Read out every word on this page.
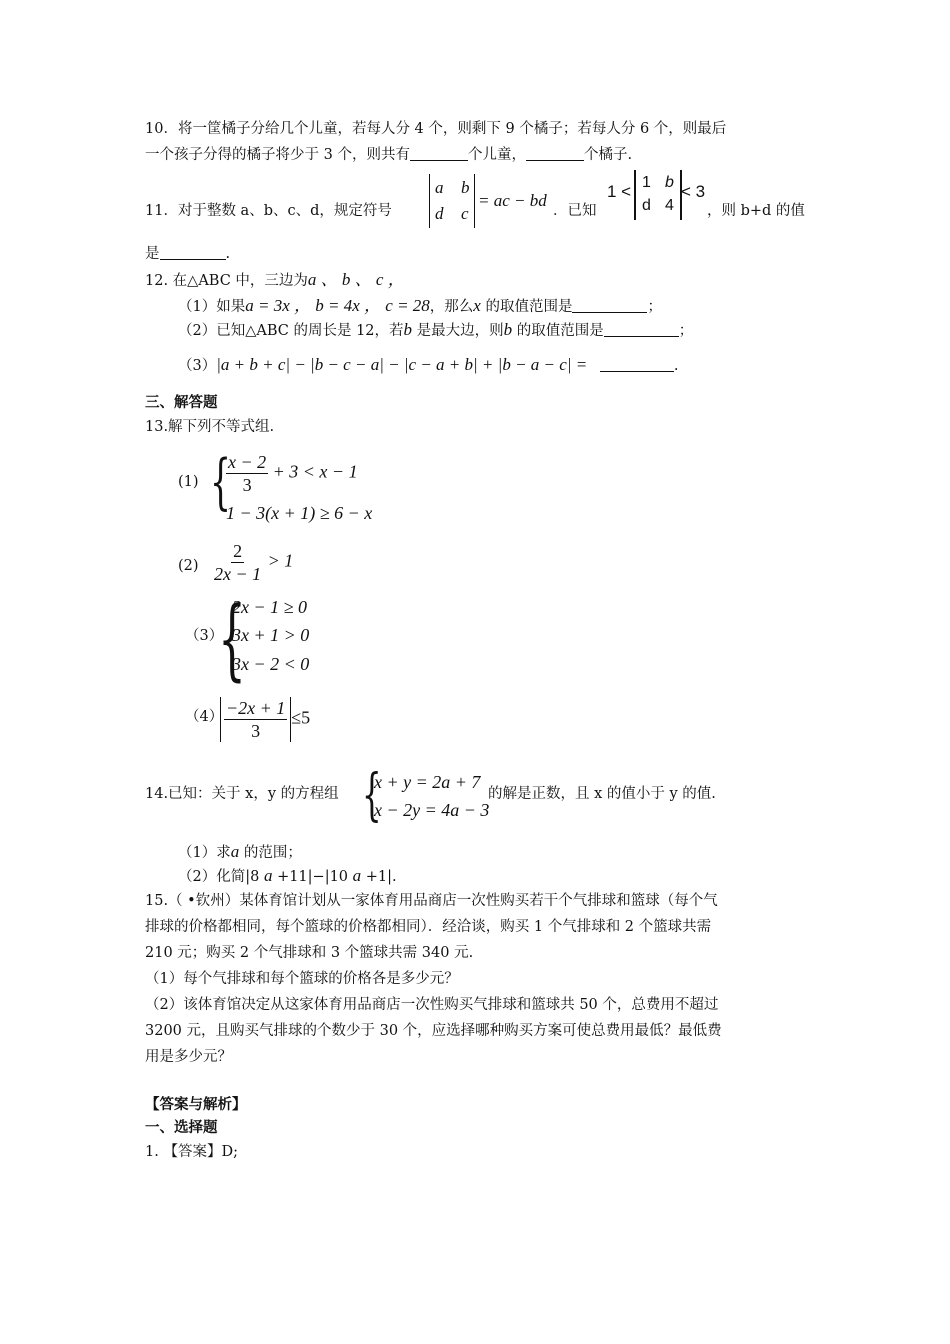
10．将一筐橘子分给几个儿童，若每人分 4 个，则剩下 9 个橘子；若每人分 6 个，则最后
一个孩子分得的橘子将少于 3 个，则共有	个儿童，	个橘子.
11．对于整数 a、b、c、d，规定符号
a b
d c
= ac − bd
．已知
1 < 1 b
d 4
< 3
，则 b+d 的值
是	.
12. 在△ABC 中，三边为a 、 b 、 c ，
（1）如果a = 3x ， b = 4x ， c = 28，那么x 的取值范围是	；
（2）已知△ABC 的周长是 12，若b 是最大边，则b 的取值范围是	；
（3）|a + b + c| − |b − c − a| − |c − a + b| + |b − a − c| =	.
三、解答题
13.解下列不等式组.
(1) {
$\frac{x - 2}{3} + 3 < x - 1$
1 − 3(x + 1) ≥ 6 − x
$(2) \frac{2}{2x - 1} > 1$
（3）
{
2x − 1 ≥ 0
3x + 1 > 0
3x − 2 < 0
$(4) \frac{-2x + 1}{3} \le 5$
14.已知：关于 x，y 的方程组 {
x + y = 2a + 7
x − 2y = 4a − 3
的解是正数，且 x 的值小于 y 的值.
（1）求a 的范围；
（2）化简|8 a +11|−|10 a +1|.
15.（ •钦州）某体育馆计划从一家体育用品商店一次性购买若干个气排球和篮球（每个气
排球的价格都相同，每个篮球的价格都相同）．经洽谈，购买 1 个气排球和 2 个篮球共需
210 元；购买 2 个气排球和 3 个篮球共需 340 元.
（1）每个气排球和每个篮球的价格各是多少元？
（2）该体育馆决定从这家体育用品商店一次性购买气排球和篮球共 50 个，总费用不超过
3200 元，且购买气排球的个数少于 30 个，应选择哪种购买方案可使总费用最低？最低费
用是多少元？
【答案与解析】
一、选择题
1. 【答案】D;
